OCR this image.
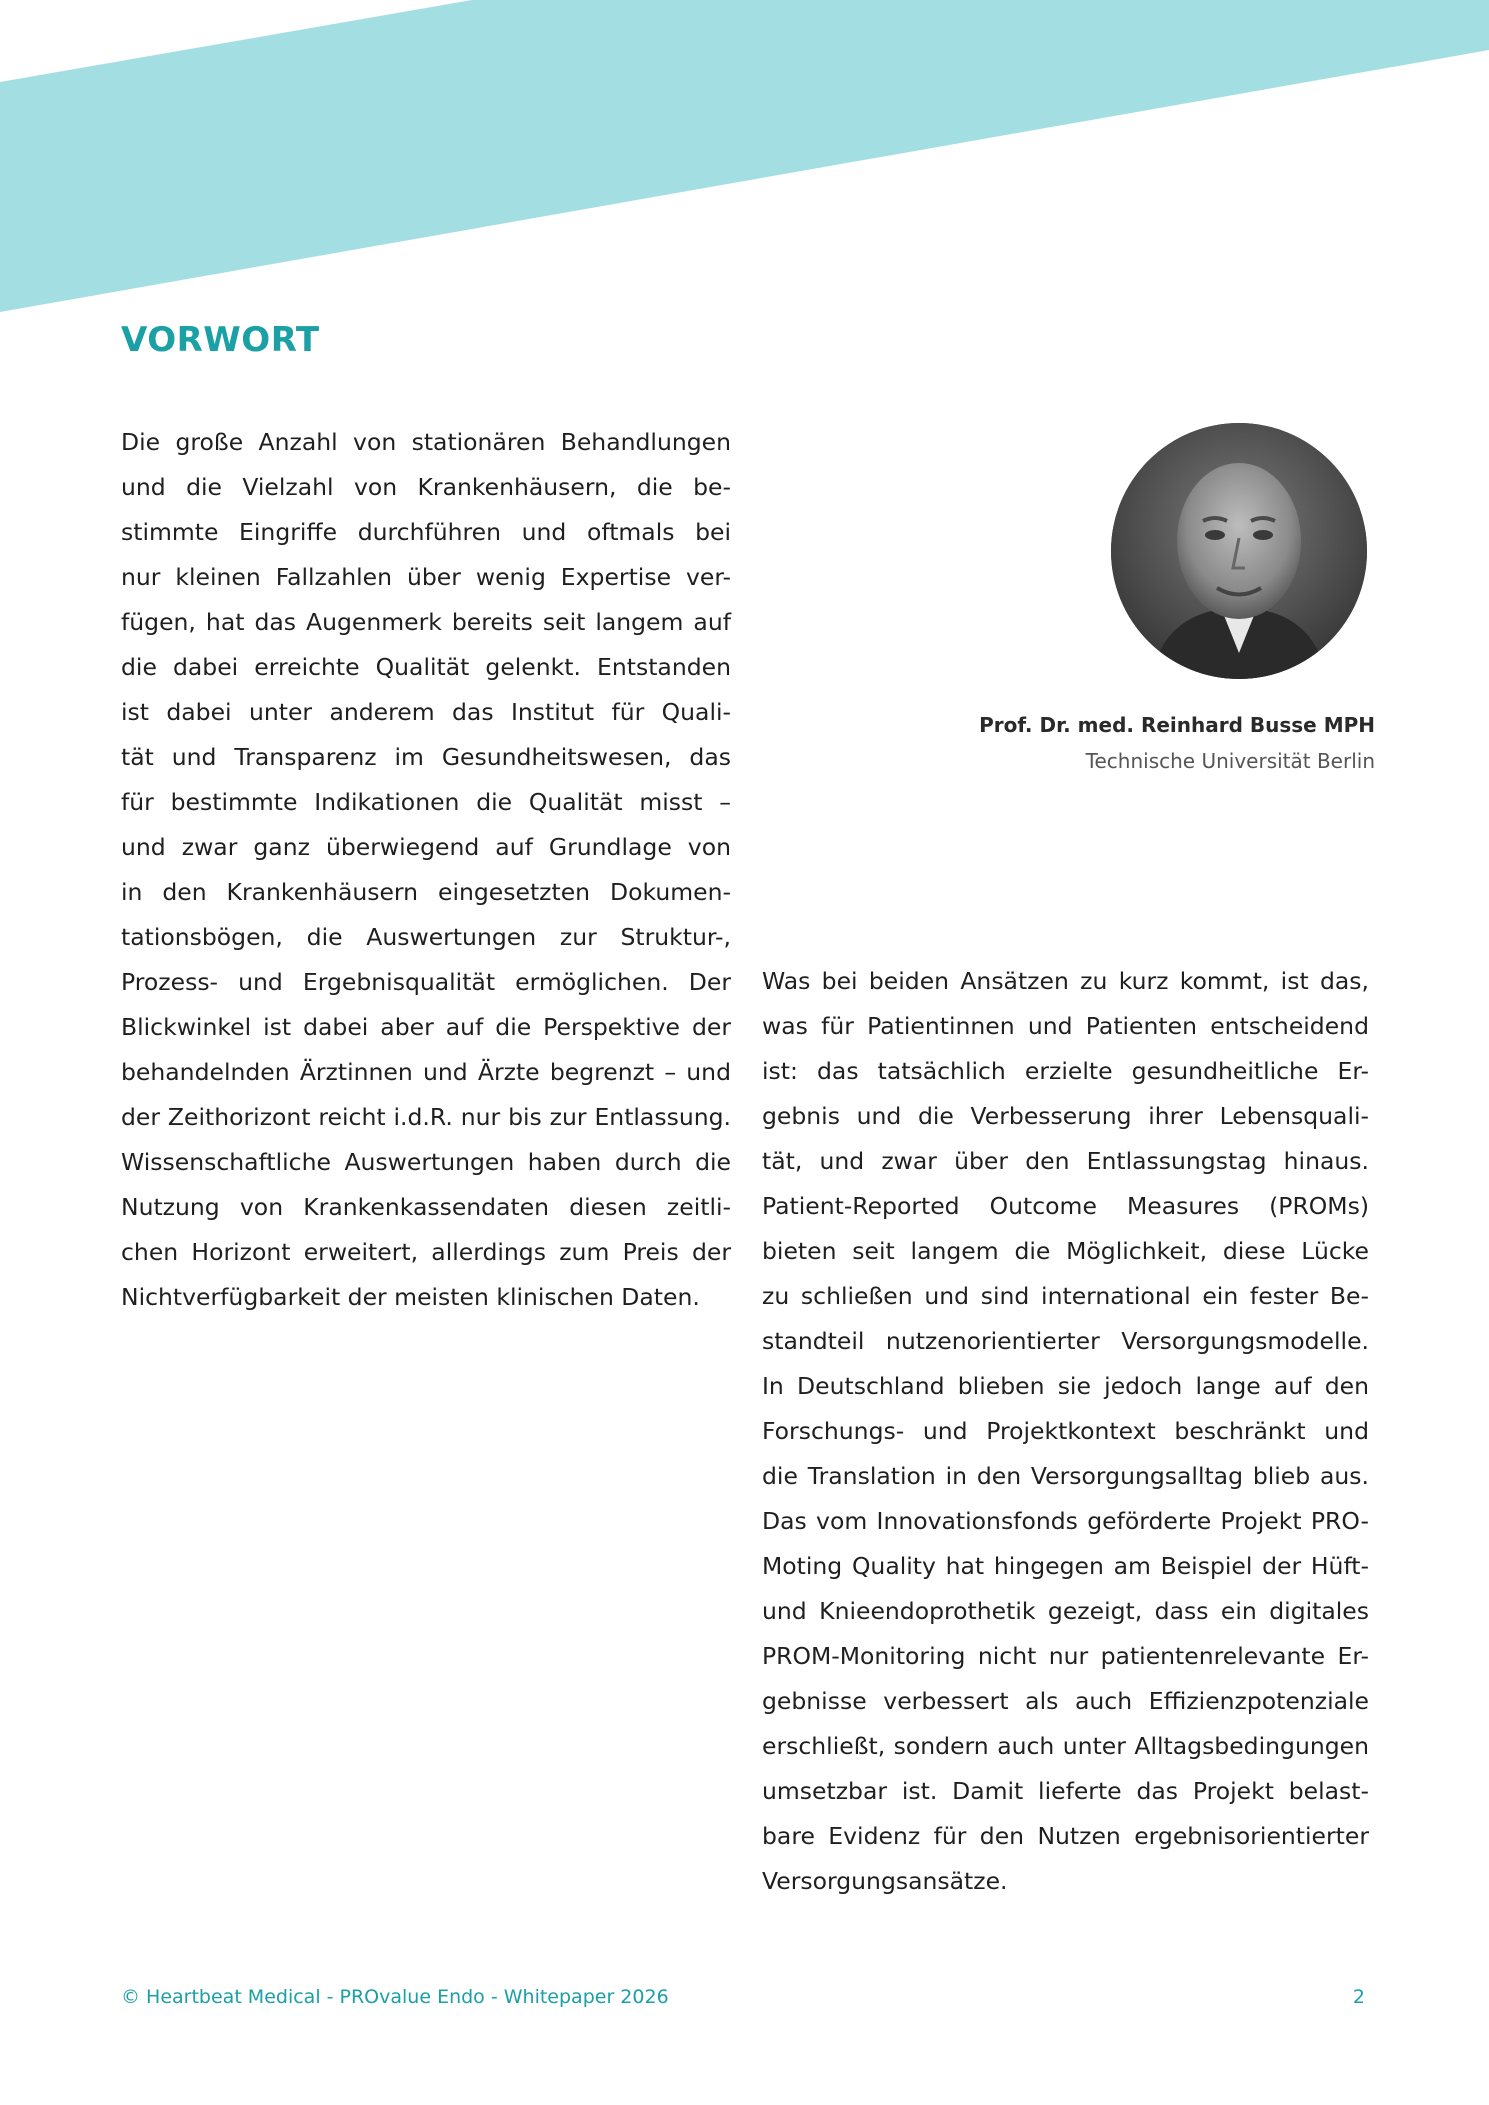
VORWORT
Die große Anzahl von stationären Behandlungen
und die Vielzahl von Krankenhäusern, die be-
stimmte Eingriffe durchführen und oftmals bei
nur kleinen Fallzahlen über wenig Expertise ver-
fügen, hat das Augenmerk bereits seit langem auf
die dabei erreichte Qualität gelenkt. Entstanden
ist dabei unter anderem das Institut für Quali-
tät und Transparenz im Gesundheitswesen, das
für bestimmte Indikationen die Qualität misst –
und zwar ganz überwiegend auf Grundlage von
in den Krankenhäusern eingesetzten Dokumen-
tationsbögen, die Auswertungen zur Struktur-,
Prozess- und Ergebnisqualität ermöglichen. Der
Blickwinkel ist dabei aber auf die Perspektive der
behandelnden Ärztinnen und Ärzte begrenzt – und
der Zeithorizont reicht i.d.R. nur bis zur Entlassung.
Wissenschaftliche Auswertungen haben durch die
Nutzung von Krankenkassendaten diesen zeitli-
chen Horizont erweitert, allerdings zum Preis der
Nichtverfügbarkeit der meisten klinischen Daten.
Prof. Dr. med. Reinhard Busse MPH
Technische Universität Berlin
Was bei beiden Ansätzen zu kurz kommt, ist das,
was für Patientinnen und Patienten entscheidend
ist: das tatsächlich erzielte gesundheitliche Er-
gebnis und die Verbesserung ihrer Lebensquali-
tät, und zwar über den Entlassungstag hinaus.
Patient-Reported Outcome Measures (PROMs)
bieten seit langem die Möglichkeit, diese Lücke
zu schließen und sind international ein fester Be-
standteil nutzenorientierter Versorgungsmodelle.
In Deutschland blieben sie jedoch lange auf den
Forschungs- und Projektkontext beschränkt und
die Translation in den Versorgungsalltag blieb aus.
Das vom Innovationsfonds geförderte Projekt PRO-
Moting Quality hat hingegen am Beispiel der Hüft-
und Knieendoprothetik gezeigt, dass ein digitales
PROM-Monitoring nicht nur patientenrelevante Er-
gebnisse verbessert als auch Effizienzpotenziale
erschließt, sondern auch unter Alltagsbedingungen
umsetzbar ist. Damit lieferte das Projekt belast-
bare Evidenz für den Nutzen ergebnisorientierter
Versorgungsansätze.
© Heartbeat Medical - PROvalue Endo - Whitepaper 2026	2
